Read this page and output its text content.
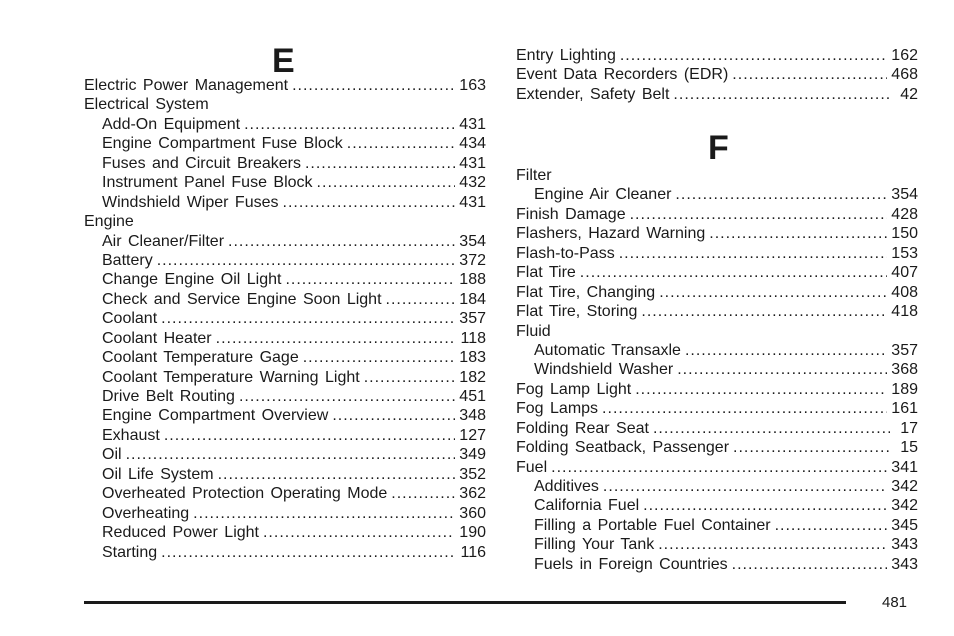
E
Electric Power Management .....	163
Electrical System
Add-On Equipment .....	431
Engine Compartment Fuse Block .....	434
Fuses and Circuit Breakers .....	431
Instrument Panel Fuse Block .....	432
Windshield Wiper Fuses .....	431
Engine
Air Cleaner/Filter .....	354
Battery .....	372
Change Engine Oil Light .....	188
Check and Service Engine Soon Light .....	184
Coolant .....	357
Coolant Heater .....	118
Coolant Temperature Gage .....	183
Coolant Temperature Warning Light .....	182
Drive Belt Routing .....	451
Engine Compartment Overview .....	348
Exhaust .....	127
Oil .....	349
Oil Life System .....	352
Overheated Protection Operating Mode .....	362
Overheating .....	360
Reduced Power Light .....	190
Starting .....	116
Entry Lighting .....	162
Event Data Recorders (EDR) .....	468
Extender, Safety Belt .....	42
F
Filter
Engine Air Cleaner .....	354
Finish Damage .....	428
Flashers, Hazard Warning .....	150
Flash-to-Pass .....	153
Flat Tire .....	407
Flat Tire, Changing .....	408
Flat Tire, Storing .....	418
Fluid
Automatic Transaxle .....	357
Windshield Washer .....	368
Fog Lamp Light .....	189
Fog Lamps .....	161
Folding Rear Seat .....	17
Folding Seatback, Passenger .....	15
Fuel .....	341
Additives .....	342
California Fuel .....	342
Filling a Portable Fuel Container .....	345
Filling Your Tank .....	343
Fuels in Foreign Countries .....	343
481
